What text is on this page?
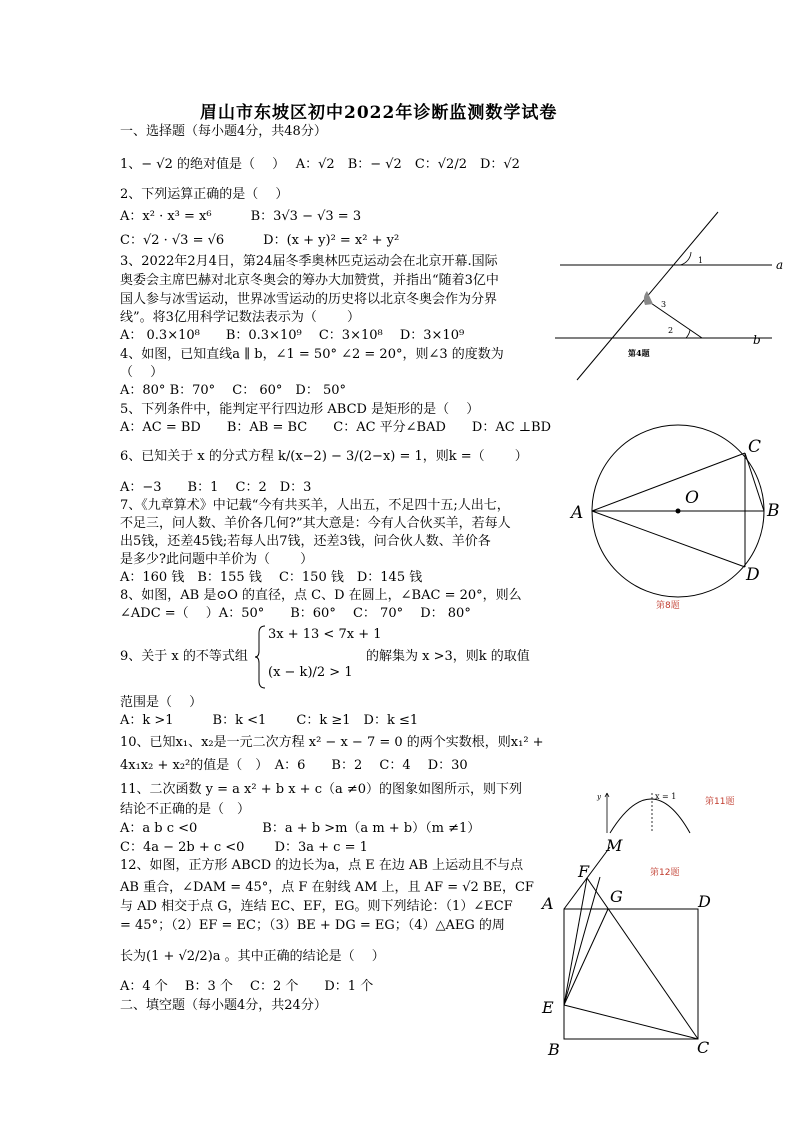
眉山市东坡区初中2022年诊断监测数学试卷
一、选择题（每小题4分，共48分）
1、− √2 的绝对值是（　 ）　 A：√2　B：− √2　C：√2/2　D：√2
2、下列运算正确的是（　 ）
A：x² · x³ = x⁶　　　B：3√3 − √3 = 3
C：√2 · √3 = √6　　　D：(x + y)² = x² + y²
3、2022年2月4日，第24届冬季奥林匹克运动会在北京开幕.国际
奥委会主席巴赫对北京冬奥会的筹办大加赞赏，并指出“随着3亿中
国人参与冰雪运动，世界冰雪运动的历史将以北京冬奥会作为分界
线”。将3亿用科学记数法表示为（　　 ）
A： 0.3×10⁸　　B：0.3×10⁹　 C：3×10⁸　 D：3×10⁹
4、如图，已知直线a ∥ b，∠1 = 50° ∠2 = 20°，则∠3 的度数为
（　 ）
A：80° B：70°　 C： 60°　D： 50°
5、下列条件中，能判定平行四边形 ABCD 是矩形的是（　 ）
A：AC = BD　　B：AB = BC　　C：AC 平分∠BAD　　D：AC ⊥BD
6、已知关于 x 的分式方程 k/(x−2) − 3/(2−x) = 1，则k =（　　 ）
A：−3　　B：1　 C：2　D：3
7、《九章算术》中记载“今有共买羊，人出五，不足四十五;人出七，
不足三，问人数、羊价各几何?”其大意是：今有人合伙买羊，若每人
出5钱，还差45钱;若每人出7钱，还差3钱，问合伙人数、羊价各
是多少?此问题中羊价为（　　 ）
A：160 钱　B：155 钱　 C：150 钱　D：145 钱
8、如图，AB 是⊙O 的直径，点 C、D 在圆上，∠BAC = 20°，则么
∠ADC =（　 ）A：50°　　B：60°　 C： 70°　 D： 80°
9、关于 x 的不等式组
3x + 13 < 7x + 1
(x − k)/2 > 1
的解集为 x >3，则k 的取值
范围是（　 ）
A：k >1　　　B：k <1　　 C：k ≥1　D：k ≤1
10、已知x₁、x₂是一元二次方程 x² − x − 7 = 0 的两个实数根，则x₁² +
4x₁x₂ + x₂²的值是（　）　A：6　　B：2　 C：4　 D：30
11、二次函数 y = a x² + b x + c（a ≠0）的图象如图所示，则下列
结论不正确的是（　）
A：a b c <0　　　　　B：a + b >m（a m + b）（m ≠1）
C：4a − 2b + c <0　　 D：3a + c = 1
12、如图，正方形 ABCD 的边长为a，点 E 在边 AB 上运动且不与点
AB 重合，∠DAM = 45°，点 F 在射线 AM 上，且 AF = √2 BE，CF
与 AD 相交于点 G，连结 EC、EF，EG。则下列结论：（1）∠ECF
= 45°；（2）EF = EC；（3）BE + DG = EG；（4）△AEG 的周
长为(1 + √2/2)a 。其中正确的结论是（　 ）
A：4 个　 B：3 个　 C：2 个　　D：1 个
二、填空题（每小题4分，共24分）
a
b
1
2
3
第4题
A	B
C
D
O
第8题
y	x = 1
第11题
A
B	C
D
E
F
G
M
第12题
